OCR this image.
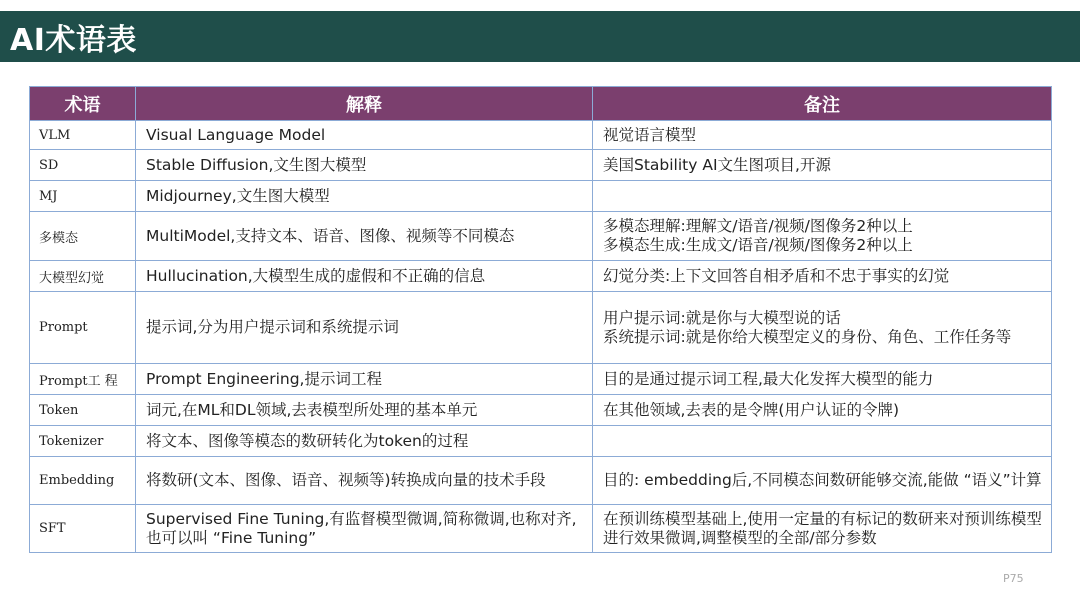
AI术语表
术语	解释	备注
VLM	Visual Language Model	视觉语言模型

SD	Stable Diffusion,文生图大模型	美国Stability AI文生图项目,开源

MJ	Midjourney,文生图大模型	
多模态	MultiModel,支持文本、语音、图像、视频等不同模态	多模态理解:理解文/语音/视频/图像务2种以上
多模态生成:生成文/语音/视频/图像务2种以上

大模型幻觉	Hullucination,大模型生成的虚假和不正确的信息	幻觉分类:上下文回答自相矛盾和不忠于事实的幻觉

Prompt	提示词,分为用户提示词和系统提示词	用户提示词:就是你与大模型说的话
系统提示词:就是你给大模型定义的身份、角色、工作任务等

Prompt工 程	Prompt Engineering,提示词工程	目的是通过提示词工程,最大化发挥大模型的能力

Token	词元,在ML和DL领域,去表模型所处理的基本单元	在其他领域,去表的是令牌(用户认证的令牌)

Tokenizer	将文本、图像等模态的数研转化为token的过程	
Embedding	将数研(文本、图像、语音、视频等)转换成向量的技术手段	目的: embedding后,不同模态间数研能够交流,能做 “语义”计算

SFT	Supervised Fine Tuning,有监督模型微调,简称微调,也称对齐,也可以叫 “Fine Tuning”	在预训练模型基础上,使用一定量的有标记的数研来对预训练模型进行效果微调,调整模型的全部/部分参数
P75
